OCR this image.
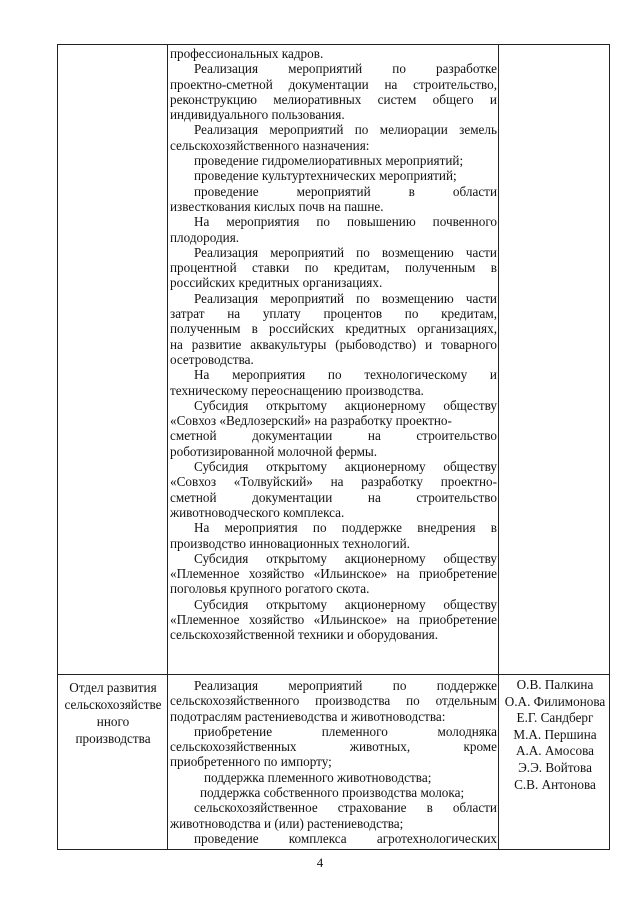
профессиональных кадров.
Реализация мероприятий по разработке
проектно-сметной документации на строительство,
реконструкцию мелиоративных систем общего и
индивидуального пользования.
Реализация мероприятий по мелиорации земель
сельскохозяйственного назначения:
проведение гидромелиоративных мероприятий;
проведение культуртехнических мероприятий;
проведение мероприятий в области
известкования кислых почв на пашне.
На мероприятия по повышению почвенного
плодородия.
Реализация мероприятий по возмещению части
процентной ставки по кредитам, полученным в
российских кредитных организациях.
Реализация мероприятий по возмещению части
затрат на уплату процентов по кредитам,
полученным в российских кредитных организациях,
на развитие аквакультуры (рыбоводство) и товарного
осетроводства.
На мероприятия по технологическому и
техническому переоснащению производства.
Субсидия открытому акционерному обществу
«Совхоз «Ведлозерский» на разработку проектно-
сметной документации на строительство
роботизированной молочной фермы.
Субсидия открытому акционерному обществу
«Совхоз «Толвуйский» на разработку проектно-
сметной документации на строительство
животноводческого комплекса.
На мероприятия по поддержке внедрения в
производство инновационных технологий.
Субсидия открытому акционерному обществу
«Племенное хозяйство «Ильинское» на приобретение
поголовья крупного рогатого скота.
Субсидия открытому акционерному обществу
«Племенное хозяйство «Ильинское» на приобретение
сельскохозяйственной техники и оборудования.
Реализация мероприятий по поддержке
сельскохозяйственного производства по отдельным
подотраслям растениеводства и животноводства:
приобретение племенного молодняка
сельскохозяйственных животных, кроме
приобретенного по импорту;
поддержка племенного животноводства;
поддержка собственного производства молока;
сельскохозяйственное страхование в области
животноводства и (или) растениеводства;
проведение комплекса агротехнологических
Отдел развития сельскохозяйстве нного производства
О.В. Палкина
О.А. Филимонова
Е.Г. Сандберг
М.А. Першина
А.А. Амосова
Э.Э. Войтова
С.В. Антонова
4
